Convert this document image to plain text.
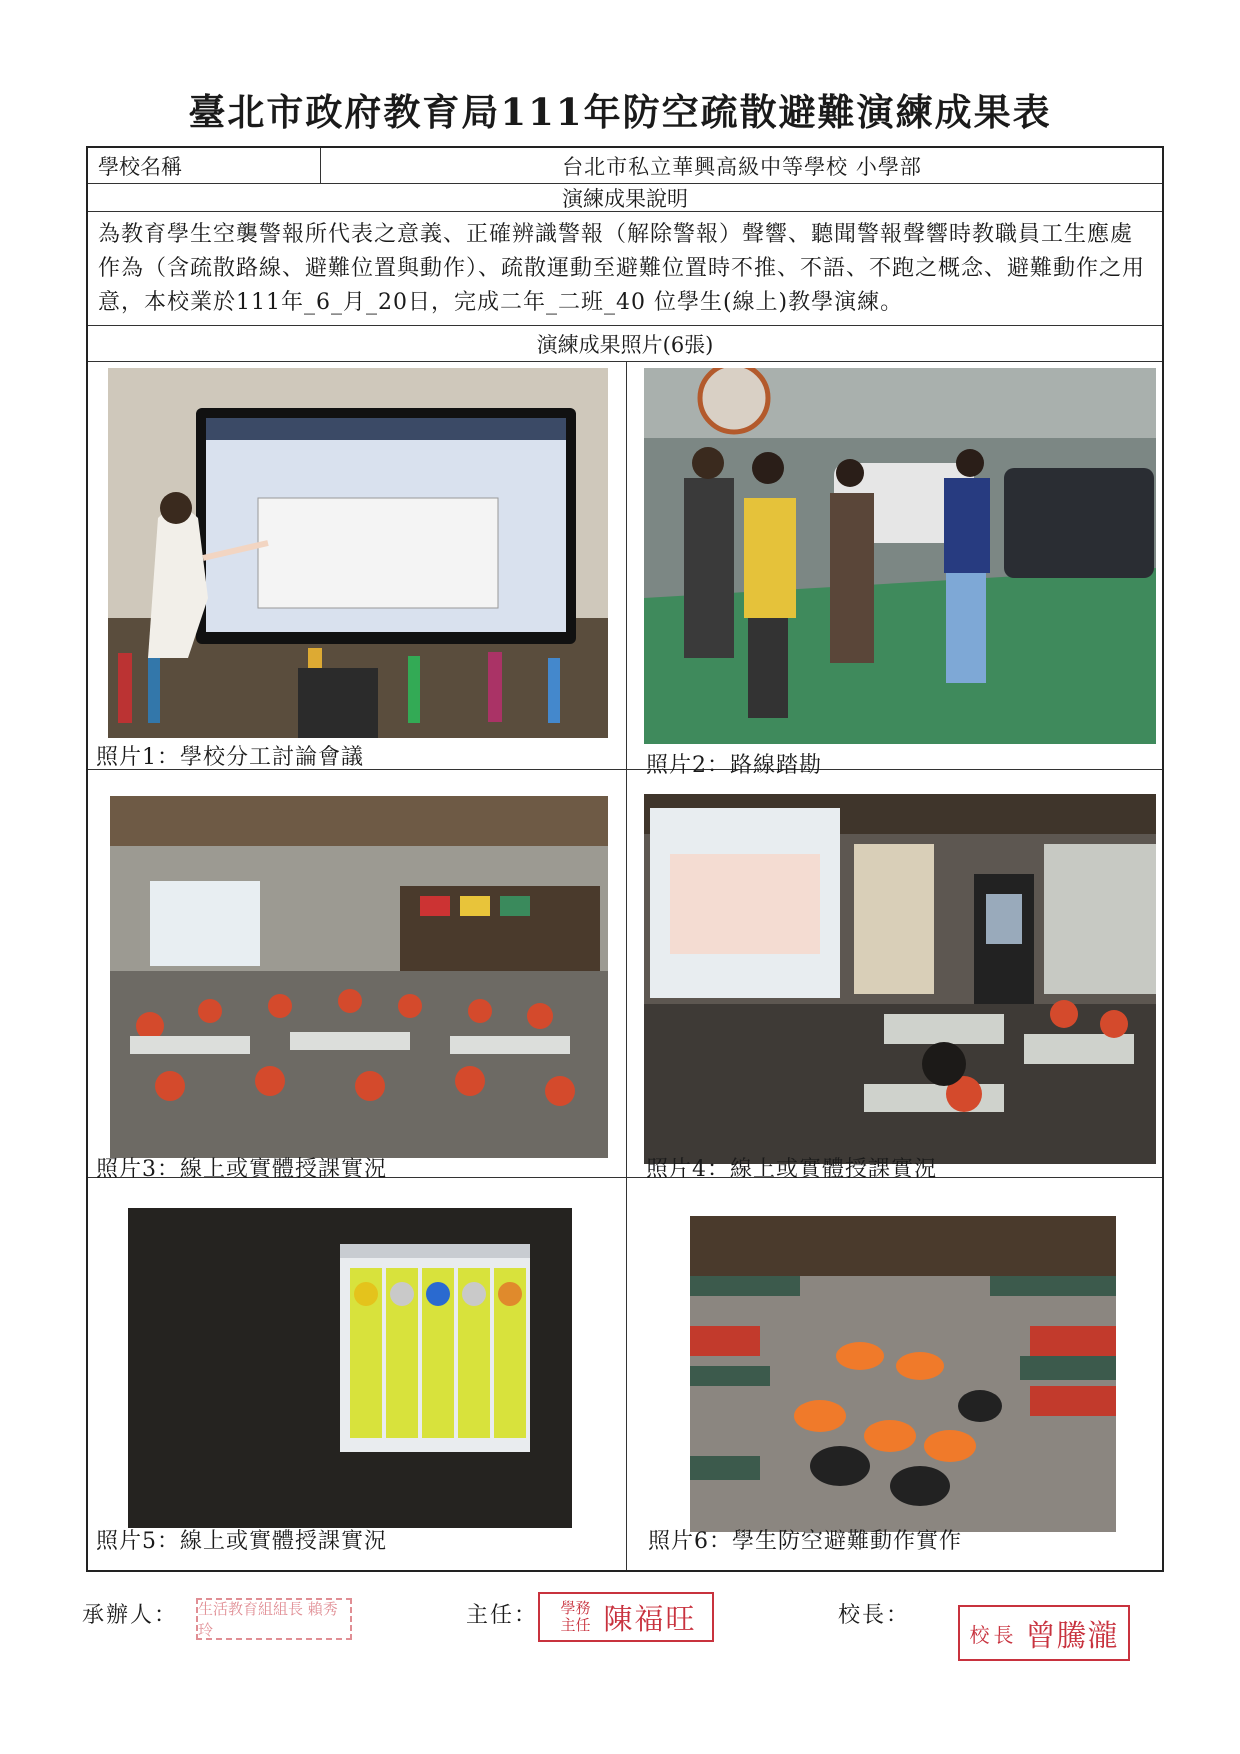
臺北市政府教育局111年防空疏散避難演練成果表
學校名稱	台北市私立華興高級中等學校 小學部
演練成果說明
為教育學生空襲警報所代表之意義、正確辨識警報（解除警報）聲響、聽聞警報聲響時教職員工生應處作為（含疏散路線、避難位置與動作）、疏散運動至避難位置時不推、不語、不跑之概念、避難動作之用意，本校業於111年_6_月_20日，完成二年_二班_40 位學生(線上)教學演練。
演練成果照片(6張)
照片1：學校分工討論會議	照片2：路線踏勘
照片3：線上或實體授課實況	照片4：線上或實體授課實況
照片5：線上或實體授課實況	照片6：學生防空避難動作實作
承辦人： 生活教育組組長 賴秀玲
主任：	學務主任 陳福旺	校長：
校長 曾騰瀧
